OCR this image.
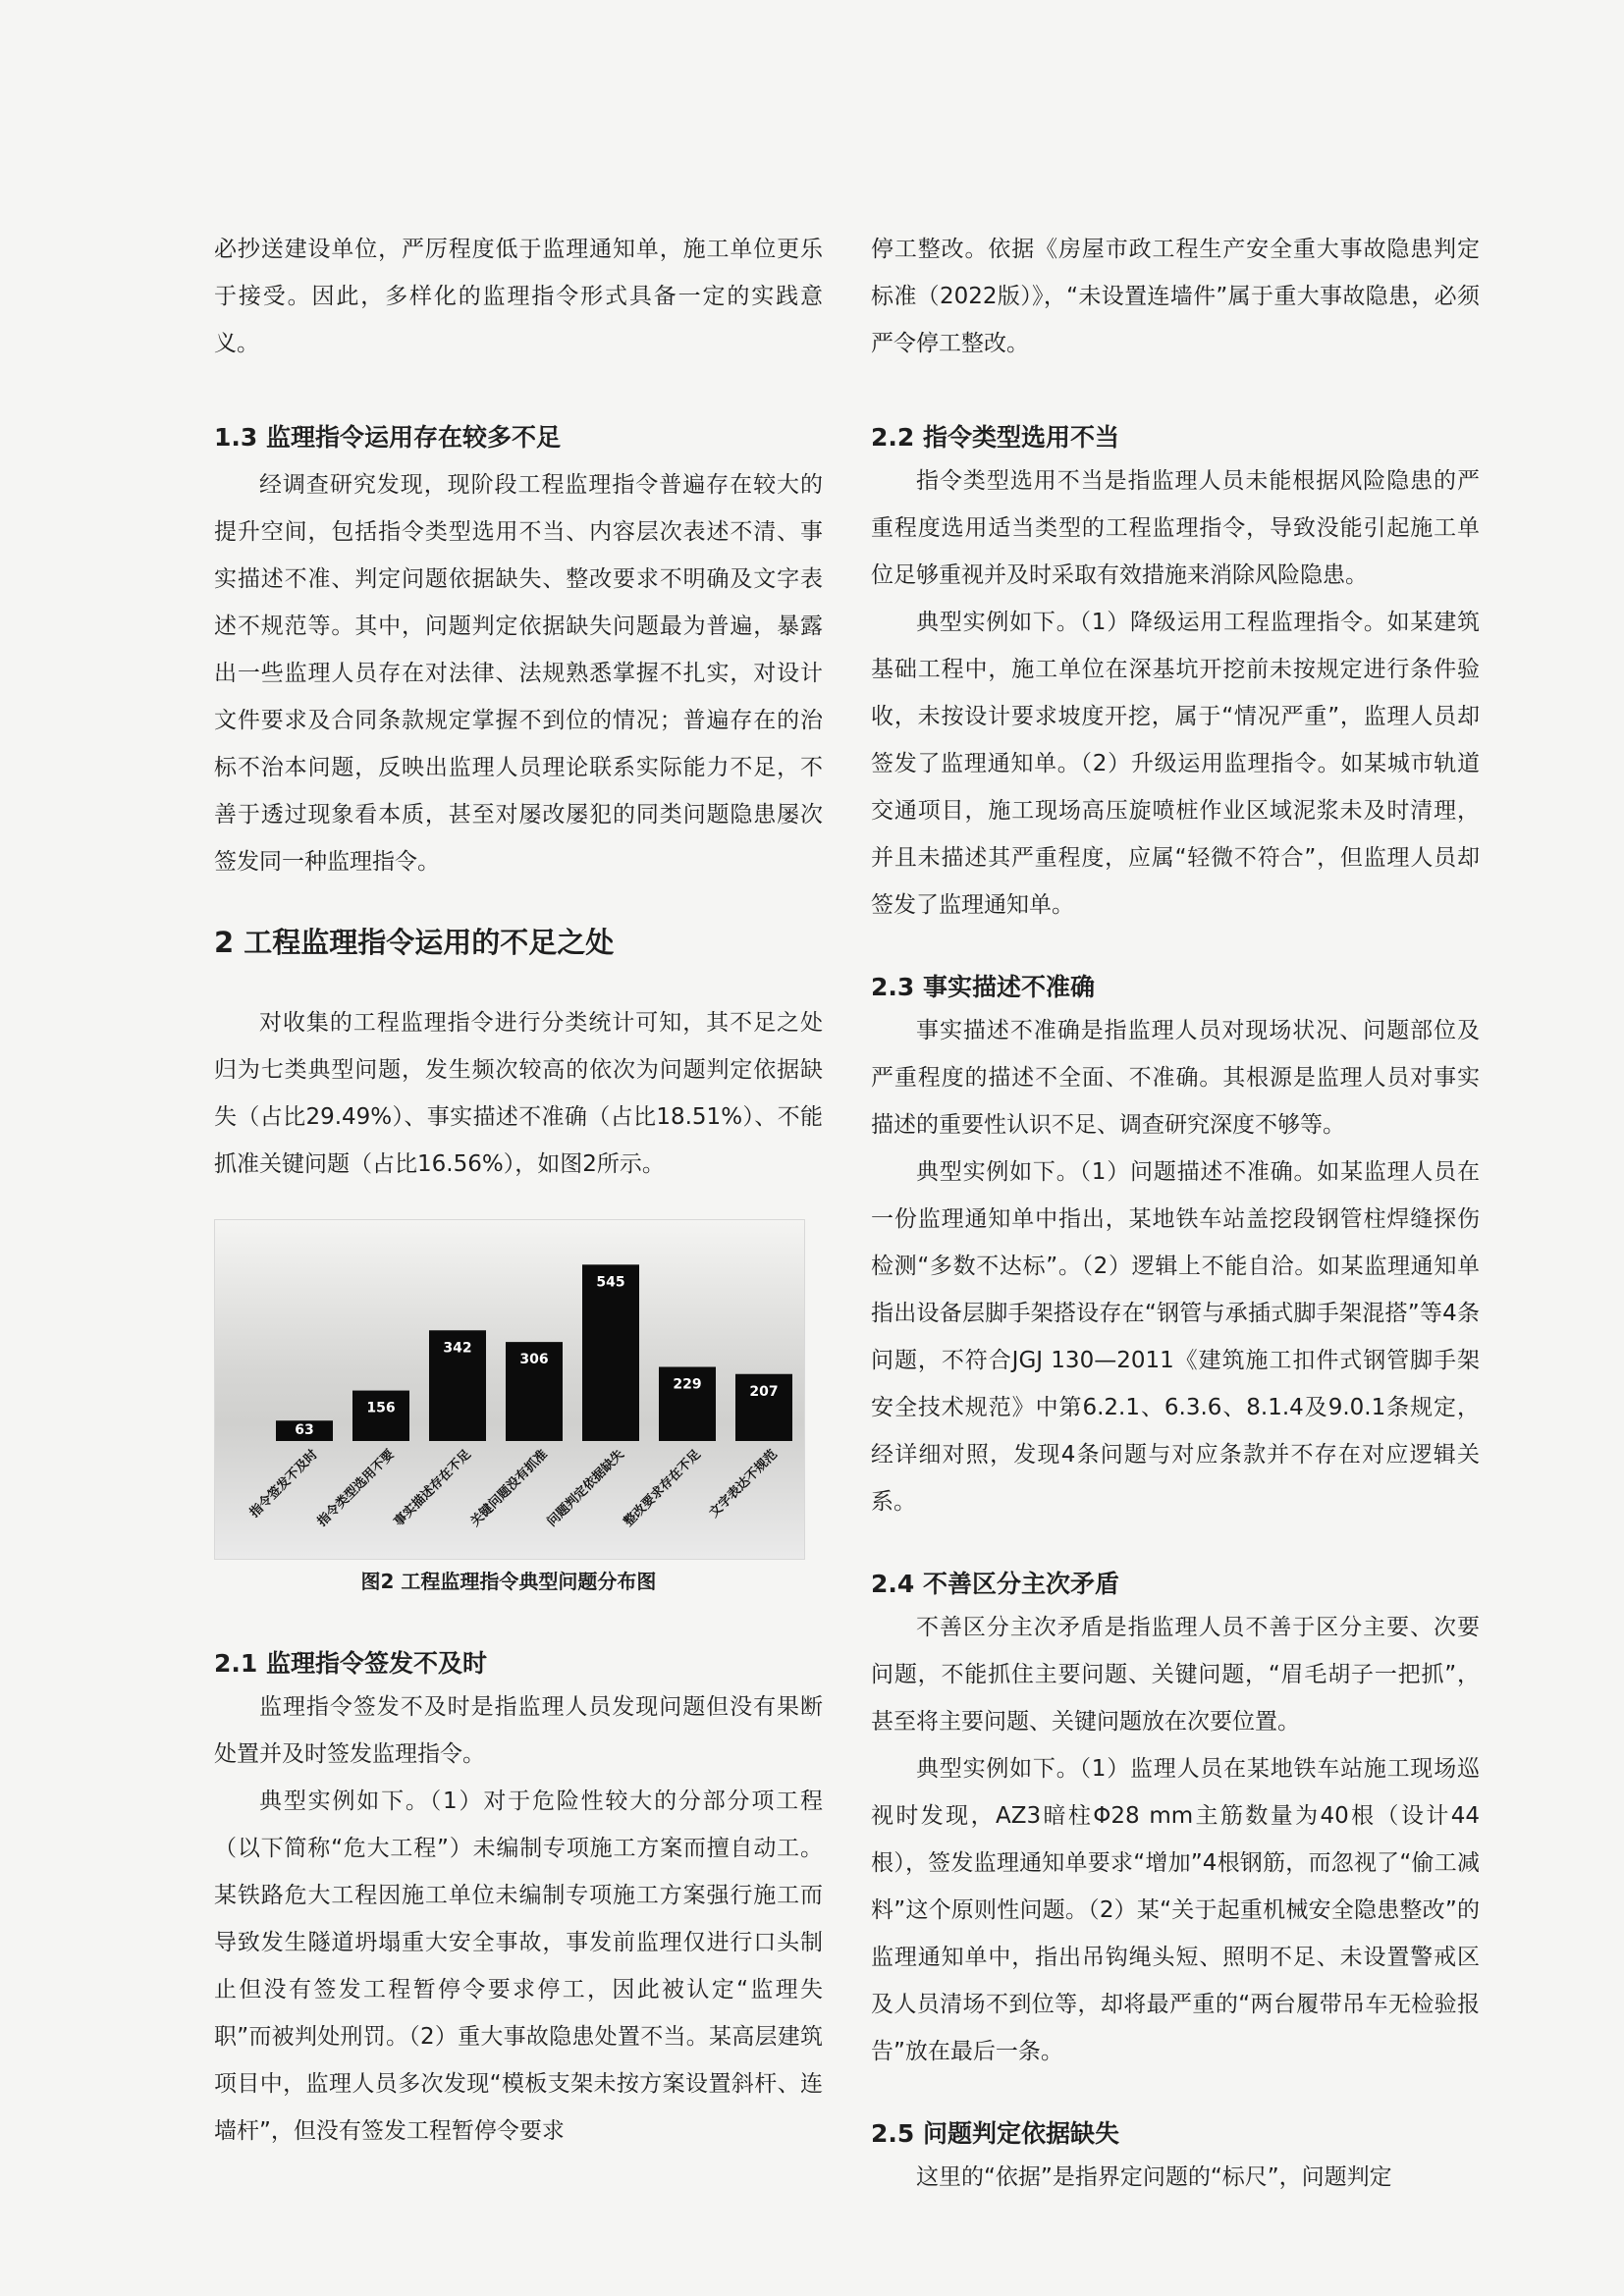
必抄送建设单位，严厉程度低于监理通知单，施工单位更乐于接受。因此，多样化的监理指令形式具备一定的实践意义。

1.3 监理指令运用存在较多不足

经调查研究发现，现阶段工程监理指令普遍存在较大的提升空间，包括指令类型选用不当、内容层次表述不清、事实描述不准、判定问题依据缺失、整改要求不明确及文字表述不规范等。其中，问题判定依据缺失问题最为普遍，暴露出一些监理人员存在对法律、法规熟悉掌握不扎实，对设计文件要求及合同条款规定掌握不到位的情况；普遍存在的治标不治本问题，反映出监理人员理论联系实际能力不足，不善于透过现象看本质，甚至对屡改屡犯的同类问题隐患屡次签发同一种监理指令。

2 工程监理指令运用的不足之处

对收集的工程监理指令进行分类统计可知，其不足之处归为七类典型问题，发生频次较高的依次为问题判定依据缺失（占比29.49%）、事实描述不准确（占比18.51%）、不能抓准关键问题（占比16.56%），如图2所示。

63
指令签发不及时
156
指令类型选用不要
342
事实描述存在不足
306
关键问题没有抓准
545
问题判定依据缺失
229
整改要求存在不足
207
文字表达不规范
图2 工程监理指令典型问题分布图
2.1 监理指令签发不及时

监理指令签发不及时是指监理人员发现问题但没有果断处置并及时签发监理指令。

典型实例如下。（1）对于危险性较大的分部分项工程（以下简称“危大工程”）未编制专项施工方案而擅自动工。某铁路危大工程因施工单位未编制专项施工方案强行施工而导致发生隧道坍塌重大安全事故，事发前监理仅进行口头制止但没有签发工程暂停令要求停工，因此被认定“监理失职”而被判处刑罚。（2）重大事故隐患处置不当。某高层建筑项目中，监理人员多次发现“模板支架未按方案设置斜杆、连墙杆”，但没有签发工程暂停令要求

停工整改。依据《房屋市政工程生产安全重大事故隐患判定标准（2022版）》，“未设置连墙件”属于重大事故隐患，必须严令停工整改。

2.2 指令类型选用不当

指令类型选用不当是指监理人员未能根据风险隐患的严重程度选用适当类型的工程监理指令，导致没能引起施工单位足够重视并及时采取有效措施来消除风险隐患。

典型实例如下。（1）降级运用工程监理指令。如某建筑基础工程中，施工单位在深基坑开挖前未按规定进行条件验收，未按设计要求坡度开挖，属于“情况严重”，监理人员却签发了监理通知单。（2）升级运用监理指令。如某城市轨道交通项目，施工现场高压旋喷桩作业区域泥浆未及时清理，并且未描述其严重程度，应属“轻微不符合”，但监理人员却签发了监理通知单。

2.3 事实描述不准确

事实描述不准确是指监理人员对现场状况、问题部位及严重程度的描述不全面、不准确。其根源是监理人员对事实描述的重要性认识不足、调查研究深度不够等。

典型实例如下。（1）问题描述不准确。如某监理人员在一份监理通知单中指出，某地铁车站盖挖段钢管柱焊缝探伤检测“多数不达标”。（2）逻辑上不能自洽。如某监理通知单指出设备层脚手架搭设存在“钢管与承插式脚手架混搭”等4条问题，不符合JGJ 130—2011《建筑施工扣件式钢管脚手架安全技术规范》中第6.2.1、6.3.6、8.1.4及9.0.1条规定，经详细对照，发现4条问题与对应条款并不存在对应逻辑关系。

2.4 不善区分主次矛盾

不善区分主次矛盾是指监理人员不善于区分主要、次要问题，不能抓住主要问题、关键问题，“眉毛胡子一把抓”，甚至将主要问题、关键问题放在次要位置。

典型实例如下。（1）监理人员在某地铁车站施工现场巡视时发现，AZ3暗柱Φ28 mm主筋数量为40根（设计44根），签发监理通知单要求“增加”4根钢筋，而忽视了“偷工减料”这个原则性问题。（2）某“关于起重机械安全隐患整改”的监理通知单中，指出吊钩绳头短、照明不足、未设置警戒区及人员清场不到位等，却将最严重的“两台履带吊车无检验报告”放在最后一条。

2.5 问题判定依据缺失

这里的“依据”是指界定问题的“标尺”，问题判定
